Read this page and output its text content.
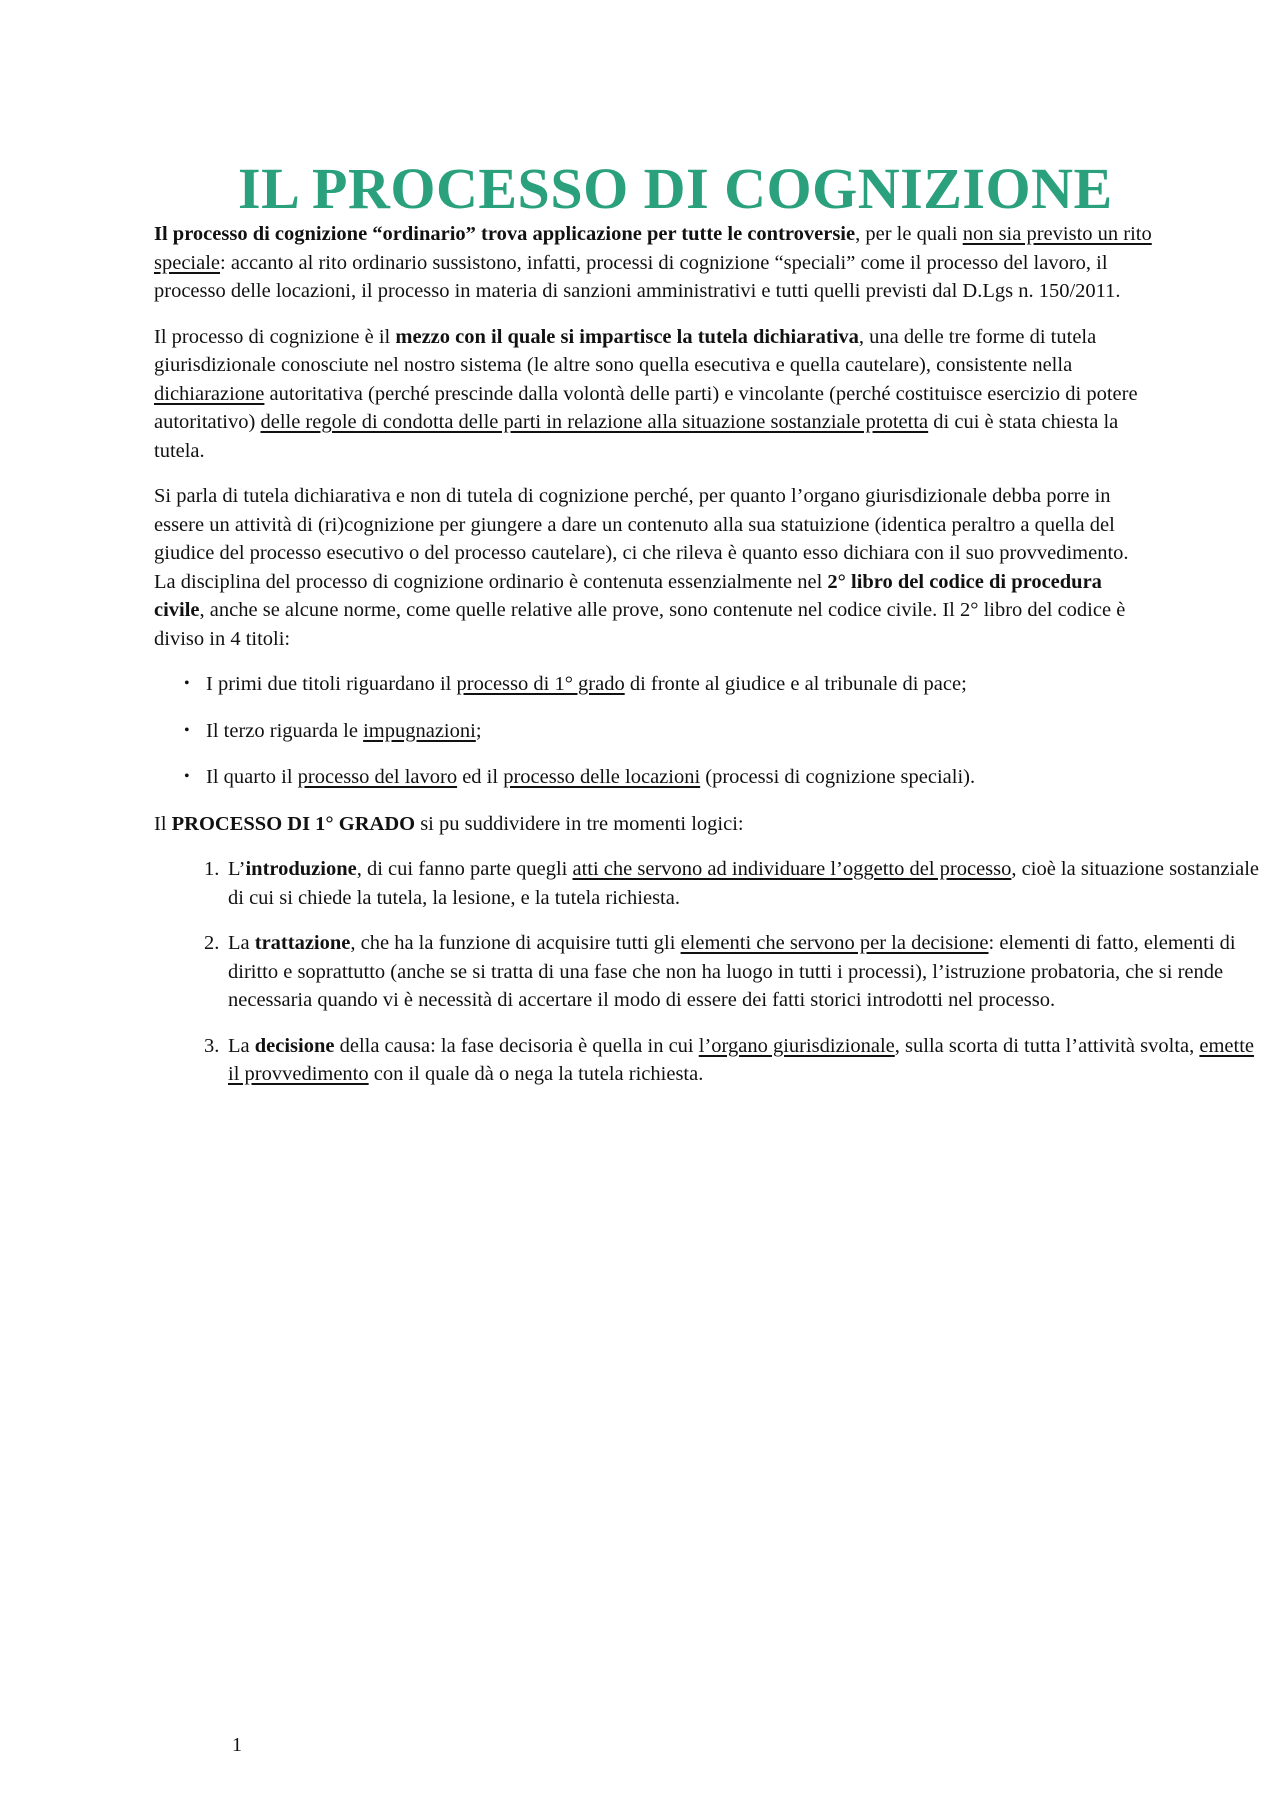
IL PROCESSO DI COGNIZIONE

Il processo di cognizione “ordinario” trova applicazione per tutte le controversie, per le quali non sia previsto un rito speciale: accanto al rito ordinario sussistono, infatti, processi di cognizione “speciali” come il processo del lavoro, il processo delle locazioni, il processo in materia di sanzioni amministrativi e tutti quelli previsti dal D.Lgs n. 150/2011.

Il processo di cognizione è il mezzo con il quale si impartisce la tutela dichiarativa, una delle tre forme di tutela giurisdizionale conosciute nel nostro sistema (le altre sono quella esecutiva e quella cautelare), consistente nella dichiarazione autoritativa (perché prescinde dalla volontà delle parti) e vincolante (perché costituisce esercizio di potere autoritativo) delle regole di condotta delle parti in relazione alla situazione sostanziale protetta di cui è stata chiesta la tutela.

Si parla di tutela dichiarativa e non di tutela di cognizione perché, per quanto l’organo giurisdizionale debba porre in essere un attività di (ri)cognizione per giungere a dare un contenuto alla sua statuizione (identica peraltro a quella del giudice del processo esecutivo o del processo cautelare), ci che rileva è quanto esso dichiara con il suo provvedimento. La disciplina del processo di cognizione ordinario è contenuta essenzialmente nel 2° libro del codice di procedura civile, anche se alcune norme, come quelle relative alle prove, sono contenute nel codice civile. Il 2° libro del codice è diviso in 4 titoli:

• I primi due titoli riguardano il processo di 1° grado di fronte al giudice e al tribunale di pace;
• Il terzo riguarda le impugnazioni;
• Il quarto il processo del lavoro ed il processo delle locazioni (processi di cognizione speciali).

Il PROCESSO DI 1° GRADO si pu suddividere in tre momenti logici:

1. L’introduzione, di cui fanno parte quegli atti che servono ad individuare l’oggetto del processo, cioè la situazione sostanziale di cui si chiede la tutela, la lesione, e la tutela richiesta.
2. La trattazione, che ha la funzione di acquisire tutti gli elementi che servono per la decisione: elementi di fatto, elementi di diritto e soprattutto (anche se si tratta di una fase che non ha luogo in tutti i processi), l’istruzione probatoria, che si rende necessaria quando vi è necessità di accertare il modo di essere dei fatti storici introdotti nel processo.
3. La decisione della causa: la fase decisoria è quella in cui l’organo giurisdizionale, sulla scorta di tutta l’attività svolta, emette il provvedimento con il quale dà o nega la tutela richiesta.
1
